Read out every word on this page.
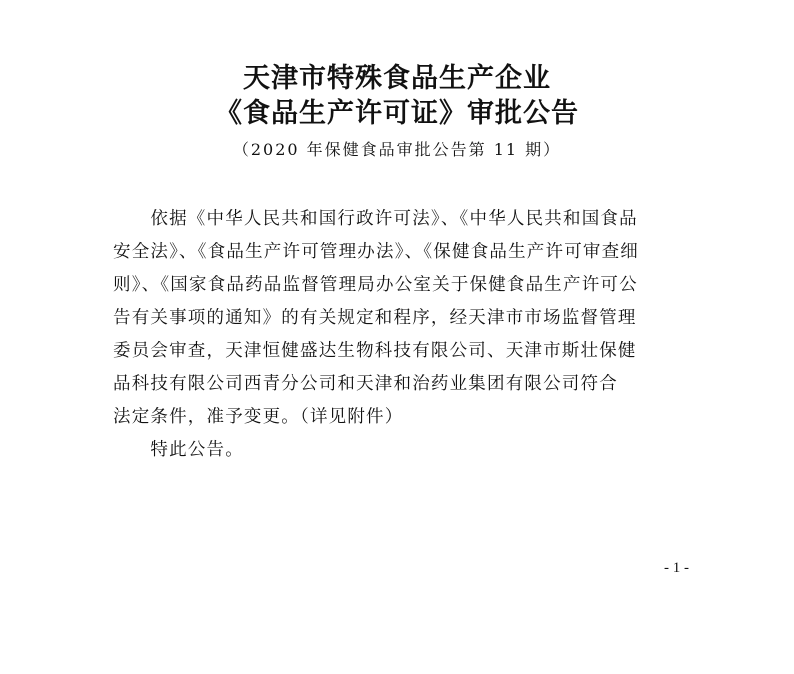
天津市特殊食品生产企业
《食品生产许可证》审批公告
（2020 年保健食品审批公告第 11 期）
　　依据《中华人民共和国行政许可法》、《中华人民共和国食品
安全法》、《食品生产许可管理办法》、《保健食品生产许可审查细
则》、《国家食品药品监督管理局办公室关于保健食品生产许可公
告有关事项的通知》的有关规定和程序，经天津市市场监督管理
委员会审查，天津恒健盛达生物科技有限公司、天津市斯壮保健
品科技有限公司西青分公司和天津和治药业集团有限公司符合
法定条件，准予变更。（详见附件）
　　特此公告。
- 1 -
